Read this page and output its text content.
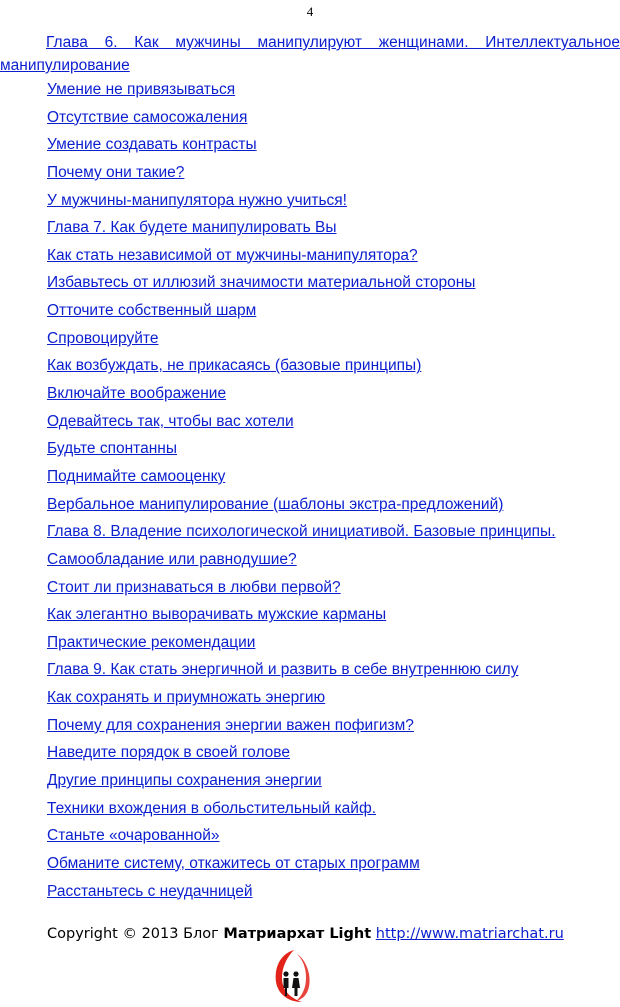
4
Глава 6. Как мужчины манипулируют женщинами. Интеллектуальное манипулирование
Умение не привязываться
Отсутствие самосожаления
Умение создавать контрасты
Почему они такие?
У мужчины-манипулятора нужно учиться!
Глава 7. Как будете манипулировать Вы
Как стать независимой от мужчины-манипулятора?
Избавьтесь от иллюзий значимости материальной стороны
Отточите собственный шарм
Спровоцируйте
Как возбуждать, не прикасаясь (базовые принципы)
Включайте воображение
Одевайтесь так, чтобы вас хотели
Будьте спонтанны
Поднимайте самооценку
Вербальное манипулирование (шаблоны экстра-предложений)
Глава 8. Владение психологической инициативой. Базовые принципы.
Самообладание или равнодушие?
Стоит ли признаваться в любви первой?
Как элегантно выворачивать мужские карманы
Практические рекомендации
Глава 9. Как стать энергичной и развить в себе внутреннюю силу
Как сохранять и приумножать энергию
Почему для сохранения энергии важен пофигизм?
Наведите порядок в своей голове
Другие принципы сохранения энергии
Техники вхождения в обольстительный кайф.
Станьте «очарованной»
Обманите систему, откажитесь от старых программ
Расстаньтесь с неудачницей
Copyright © 2013 Блог Матриархат Light http://www.matriarchat.ru
